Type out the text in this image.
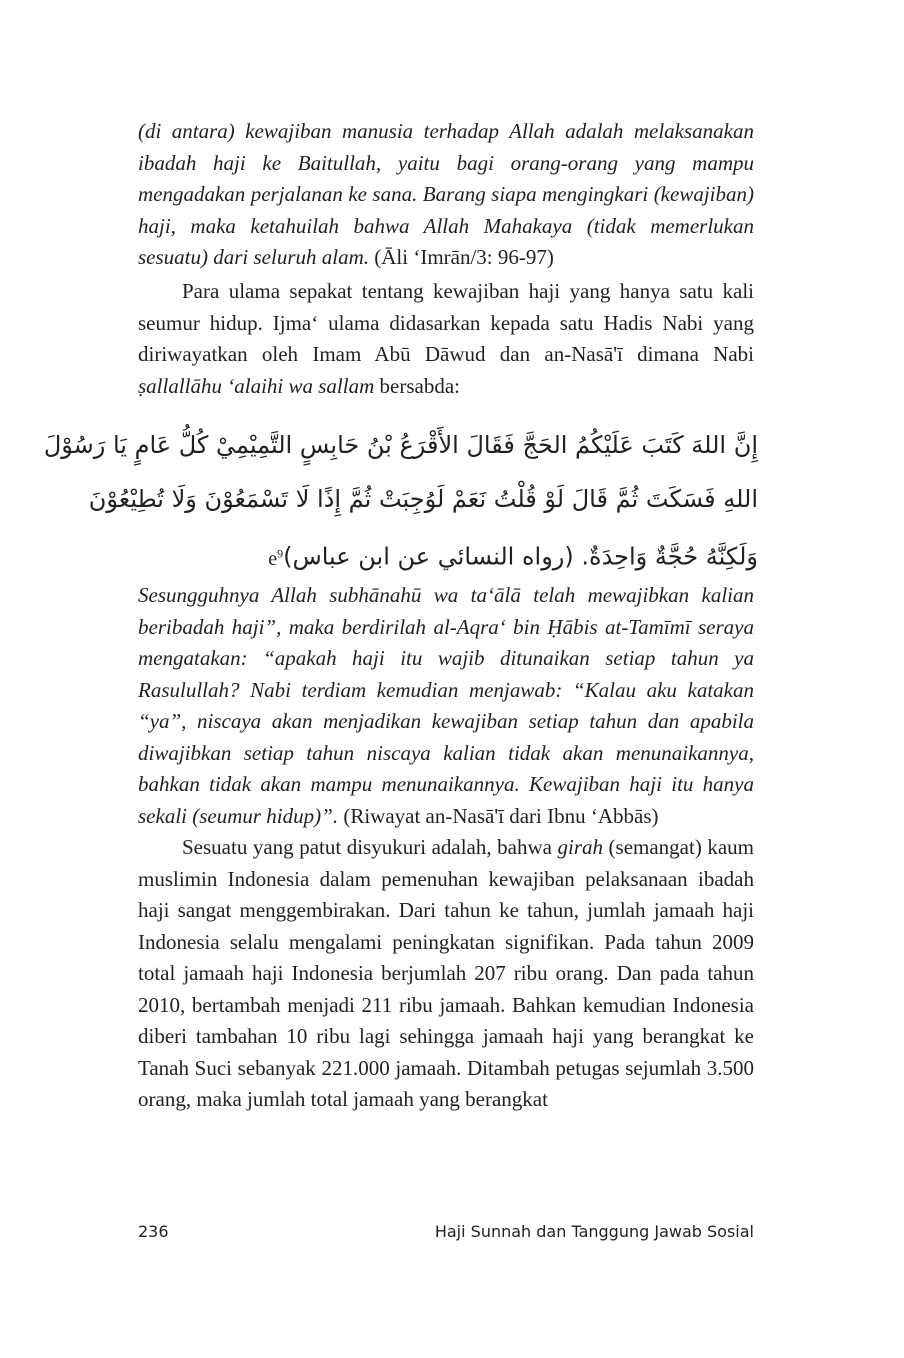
(di antara) kewajiban manusia terhadap Allah adalah melaksanakan ibadah haji ke Baitullah, yaitu bagi orang-orang yang mampu mengadakan perjalanan ke sana. Barang siapa mengingkari (kewajiban) haji, maka ketahuilah bahwa Allah Mahakaya (tidak memerlukan sesuatu) dari seluruh alam. (Āli ‘Imrān/3: 96-97)

Para ulama sepakat tentang kewajiban haji yang hanya satu kali seumur hidup. Ijma‘ ulama didasarkan kepada satu Hadis Nabi yang diriwayatkan oleh Imam Abū Dāwud dan an-Nasā'ī dimana Nabi ṣallallāhu ‘alaihi wa sallam bersabda:

إِنَّ اللهَ كَتَبَ عَلَيْكُمُ الحَجَّ فَقَالَ الأَقْرَعُ بْنُ حَابِسٍ التَّمِيْمِيْ كُلُّ عَامٍ يَا رَسُوْلَ
اللهِ فَسَكَتَ ثُمَّ قَالَ لَوْ قُلْتُ نَعَمْ لَوُجِبَتْ ثُمَّ إِذًا لَا تَسْمَعُوْنَ وَلَا تُطِيْعُوْنَ
وَلَكِنَّهُ حُجَّةٌ وَاحِدَةٌ. (رواه النسائي عن ابن $عباس)e^9$

Sesungguhnya Allah subhānahū wa ta‘ālā telah mewajibkan kalian beribadah haji”, maka berdirilah al-Aqra‘ bin Ḥābis at-Tamīmī seraya mengatakan: “apakah haji itu wajib ditunaikan setiap tahun ya Rasulullah? Nabi terdiam kemudian menjawab: “Kalau aku katakan “ya”, niscaya akan menjadikan kewajiban setiap tahun dan apabila diwajibkan setiap tahun niscaya kalian tidak akan menunaikannya, bahkan tidak akan mampu menunaikannya. Kewajiban haji itu hanya sekali (seumur hidup)”. (Riwayat an-Nasā'ī dari Ibnu ‘Abbās)

Sesuatu yang patut disyukuri adalah, bahwa girah (semangat) kaum muslimin Indonesia dalam pemenuhan kewajiban pelaksanaan ibadah haji sangat menggembirakan. Dari tahun ke tahun, jumlah jamaah haji Indonesia selalu mengalami peningkatan signifikan. Pada tahun 2009 total jamaah haji Indonesia berjumlah 207 ribu orang. Dan pada tahun 2010, bertambah menjadi 211 ribu jamaah. Bahkan kemudian Indonesia diberi tambahan 10 ribu lagi sehingga jamaah haji yang berangkat ke Tanah Suci sebanyak 221.000 jamaah. Ditambah petugas sejumlah 3.500 orang, maka jumlah total jamaah yang berangkat

236	Haji Sunnah dan Tanggung Jawab Sosial
